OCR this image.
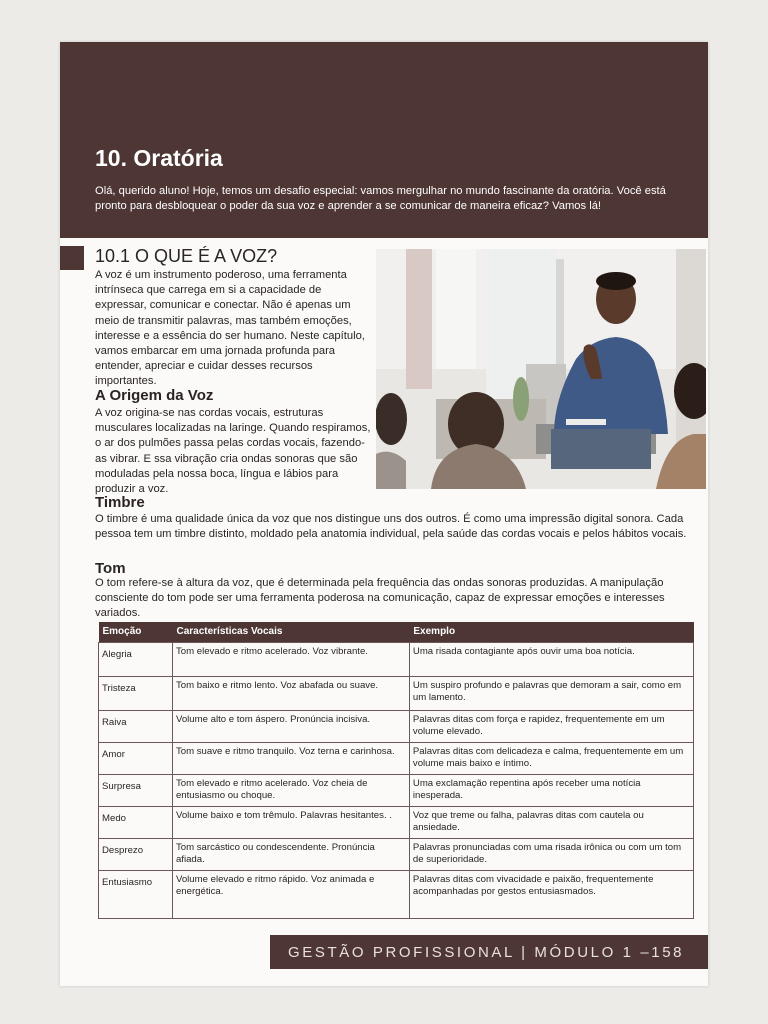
10. Oratória

Olá, querido aluno! Hoje, temos um desafio especial: vamos mergulhar no mundo fascinante da oratória. Você está pronto para desbloquear o poder da sua voz e aprender a se comunicar de maneira eficaz? Vamos lá!

10.1 O QUE É A VOZ?

A voz é um instrumento poderoso, uma ferramenta intrínseca que carrega em si a capacidade de expressar, comunicar e conectar. Não é apenas um meio de transmitir palavras, mas também emoções, interesse e a essência do ser humano. Neste capítulo, vamos embarcar em uma jornada profunda para entender, apreciar e cuidar desses recursos importantes.

A Origem da Voz

A voz origina-se nas cordas vocais, estruturas musculares localizadas na laringe. Quando respiramos, o ar dos pulmões passa pelas cordas vocais, fazendo-as vibrar. E ssa vibração cria ondas sonoras que são moduladas pela nossa boca, língua e lábios para produzir a voz.

Timbre

O timbre é uma qualidade única da voz que nos distingue uns dos outros. É como uma impressão digital sonora. Cada pessoa tem um timbre distinto, moldado pela anatomia individual, pela saúde das cordas vocais e pelos hábitos vocais.

Tom

O tom refere-se à altura da voz, que é determinada pela frequência das ondas sonoras produzidas. A manipulação consciente do tom pode ser uma ferramenta poderosa na comunicação, capaz de expressar emoções e interesses variados.

Emoção	Características Vocais	Exemplo
Alegria	Tom elevado e ritmo acelerado. Voz vibrante.	Uma risada contagiante após ouvir uma boa notícia.
Tristeza	Tom baixo e ritmo lento. Voz abafada ou suave.	Um suspiro profundo e palavras que demoram a sair, como em um lamento.
Raiva	Volume alto e tom áspero. Pronúncia incisiva.	Palavras ditas com força e rapidez, frequentemente em um volume elevado.
Amor	Tom suave e ritmo tranquilo. Voz terna e carinhosa.	Palavras ditas com delicadeza e calma, frequentemente em um volume mais baixo e íntimo.
Surpresa	Tom elevado e ritmo acelerado. Voz cheia de entusiasmo ou choque.	Uma exclamação repentina após receber uma notícia inesperada.
Medo	Volume baixo e tom trêmulo. Palavras hesitantes. .	Voz que treme ou falha, palavras ditas com cautela ou ansiedade.
Desprezo	Tom sarcástico ou condescendente. Pronúncia afiada.	Palavras pronunciadas com uma risada irônica ou com um tom de superioridade.
Entusiasmo	Volume elevado e ritmo rápido. Voz animada e energética.	Palavras ditas com vivacidade e paixão, frequentemente acompanhadas por gestos entusiasmados.

GESTÃO PROFISSIONAL | MÓDULO 1 –158
